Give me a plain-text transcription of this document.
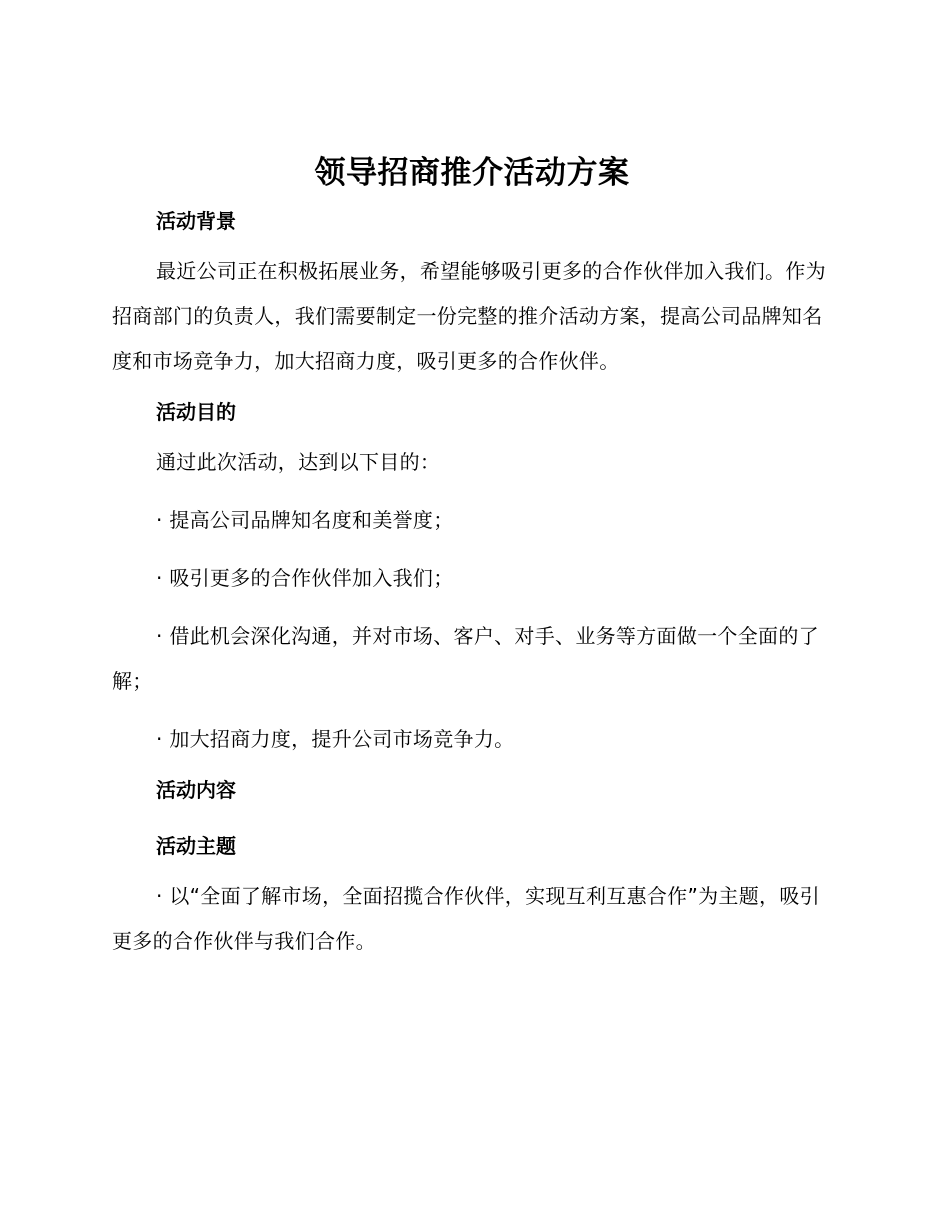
领导招商推介活动方案
活动背景

最近公司正在积极拓展业务，希望能够吸引更多的合作伙伴加入我们。作为招商部门的负责人，我们需要制定一份完整的推介活动方案，提高公司品牌知名度和市场竞争力，加大招商力度，吸引更多的合作伙伴。

活动目的

通过此次活动，达到以下目的：

· 提高公司品牌知名度和美誉度；

· 吸引更多的合作伙伴加入我们；

· 借此机会深化沟通，并对市场、客户、对手、业务等方面做一个全面的了解；

· 加大招商力度，提升公司市场竞争力。

活动内容
活动主题

· 以“全面了解市场，全面招揽合作伙伴，实现互利互惠合作”为主题，吸引更多的合作伙伴与我们合作。
